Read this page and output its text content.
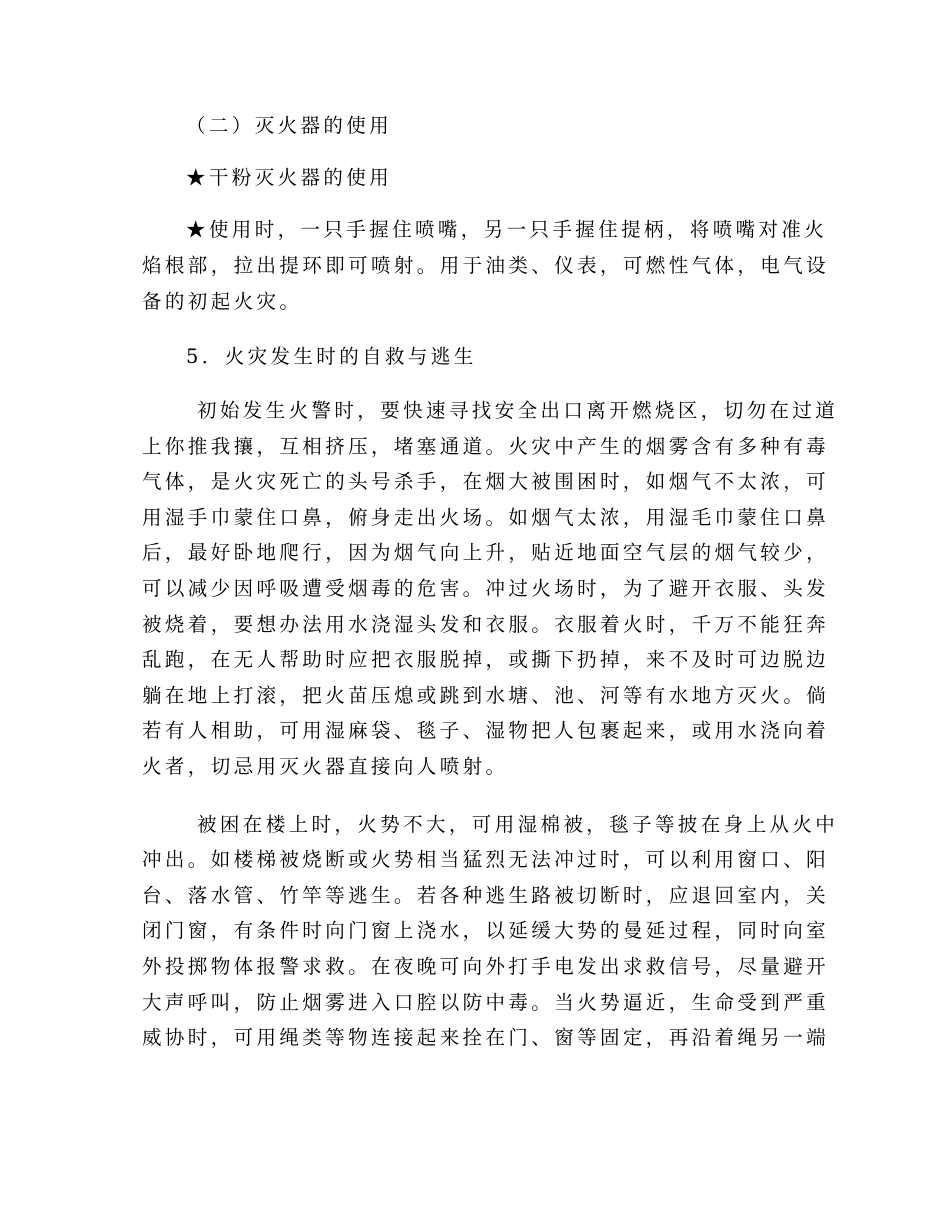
（二）灭火器的使用

★干粉灭火器的使用

★使用时，一只手握住喷嘴，另一只手握住提柄，将喷嘴对准火

焰根部，拉出提环即可喷射。用于油类、仪表，可燃性气体，电气设

备的初起火灾。

5．火灾发生时的自救与逃生

初始发生火警时，要快速寻找安全出口离开燃烧区，切勿在过道

上你推我攘，互相挤压，堵塞通道。火灾中产生的烟雾含有多种有毒

气体，是火灾死亡的头号杀手，在烟大被围困时，如烟气不太浓，可

用湿手巾蒙住口鼻，俯身走出火场。如烟气太浓，用湿毛巾蒙住口鼻

后，最好卧地爬行，因为烟气向上升，贴近地面空气层的烟气较少，

可以减少因呼吸遭受烟毒的危害。冲过火场时，为了避开衣服、头发

被烧着，要想办法用水浇湿头发和衣服。衣服着火时，千万不能狂奔

乱跑，在无人帮助时应把衣服脱掉，或撕下扔掉，来不及时可边脱边

躺在地上打滚，把火苗压熄或跳到水塘、池、河等有水地方灭火。倘

若有人相助，可用湿麻袋、毯子、湿物把人包裹起来，或用水浇向着

火者，切忌用灭火器直接向人喷射。

被困在楼上时，火势不大，可用湿棉被，毯子等披在身上从火中

冲出。如楼梯被烧断或火势相当猛烈无法冲过时，可以利用窗口、阳

台、落水管、竹竿等逃生。若各种逃生路被切断时，应退回室内，关

闭门窗，有条件时向门窗上浇水，以延缓大势的曼延过程，同时向室

外投掷物体报警求救。在夜晚可向外打手电发出求救信号，尽量避开

大声呼叫，防止烟雾进入口腔以防中毒。当火势逼近，生命受到严重

威协时，可用绳类等物连接起来拴在门、窗等固定，再沿着绳另一端
